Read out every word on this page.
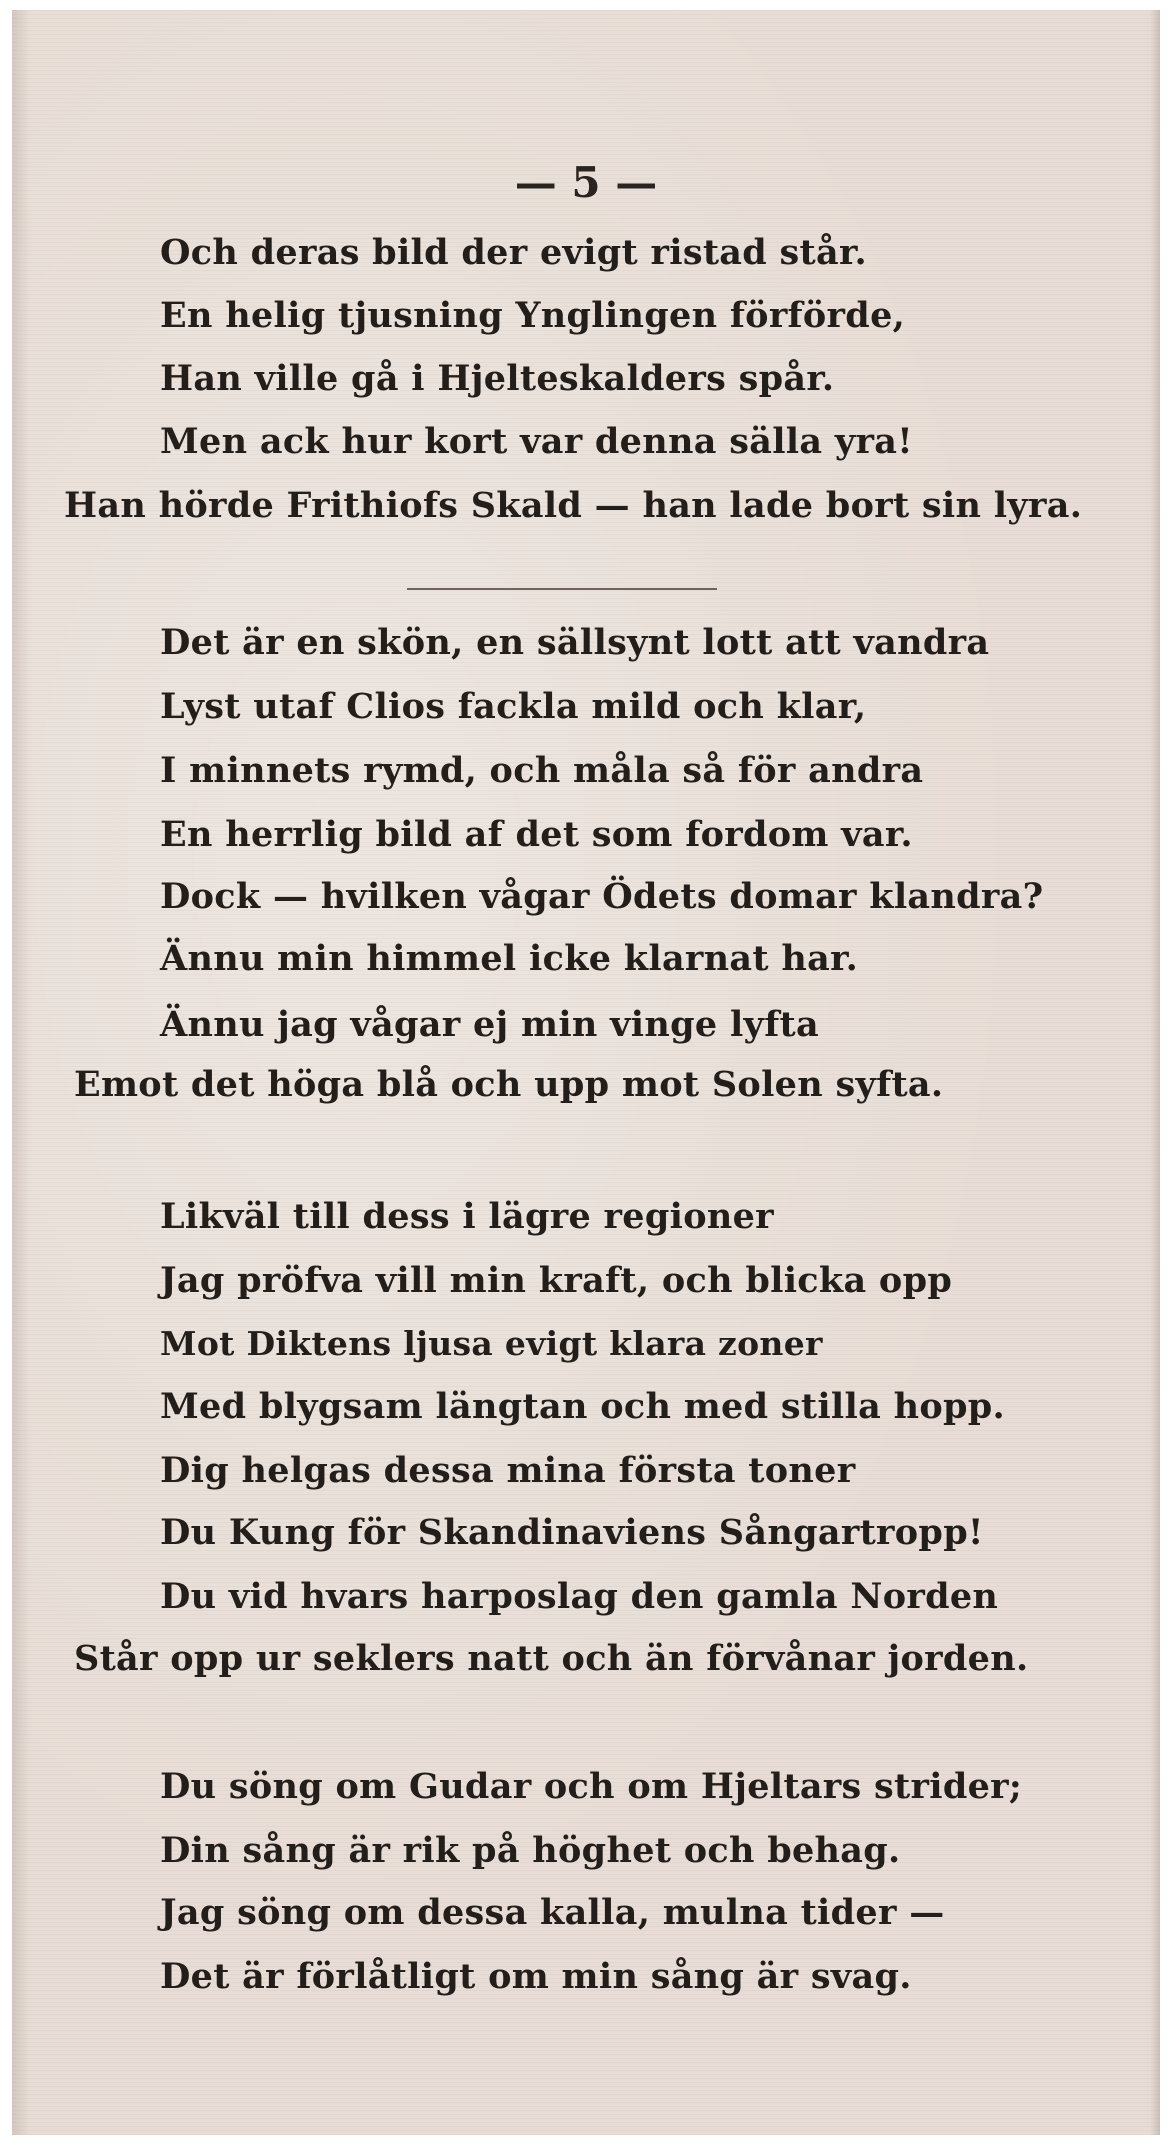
— 5 —
Och deras bild der evigt ristad står.
En helig tjusning Ynglingen förförde,
Han ville gå i Hjelteskalders spår.
Men ack hur kort var denna sälla yra!
Han hörde Frithiofs Skald — han lade bort sin lyra.
Det är en skön, en sällsynt lott att vandra
Lyst utaf Clios fackla mild och klar,
I minnets rymd, och måla så för andra
En herrlig bild af det som fordom var.
Dock — hvilken vågar Ödets domar klandra?
Ännu min himmel icke klarnat har.
Ännu jag vågar ej min vinge lyfta
Emot det höga blå och upp mot Solen syfta.
Likväl till dess i lägre regioner
Jag pröfva vill min kraft, och blicka opp
Mot Diktens ljusa evigt klara zoner
Med blygsam längtan och med stilla hopp.
Dig helgas dessa mina första toner
Du Kung för Skandinaviens Sångartropp!
Du vid hvars harposlag den gamla Norden
Står opp ur seklers natt och än förvånar jorden.
Du söng om Gudar och om Hjeltars strider;
Din sång är rik på höghet och behag.
Jag söng om dessa kalla, mulna tider —
Det är förlåtligt om min sång är svag.
